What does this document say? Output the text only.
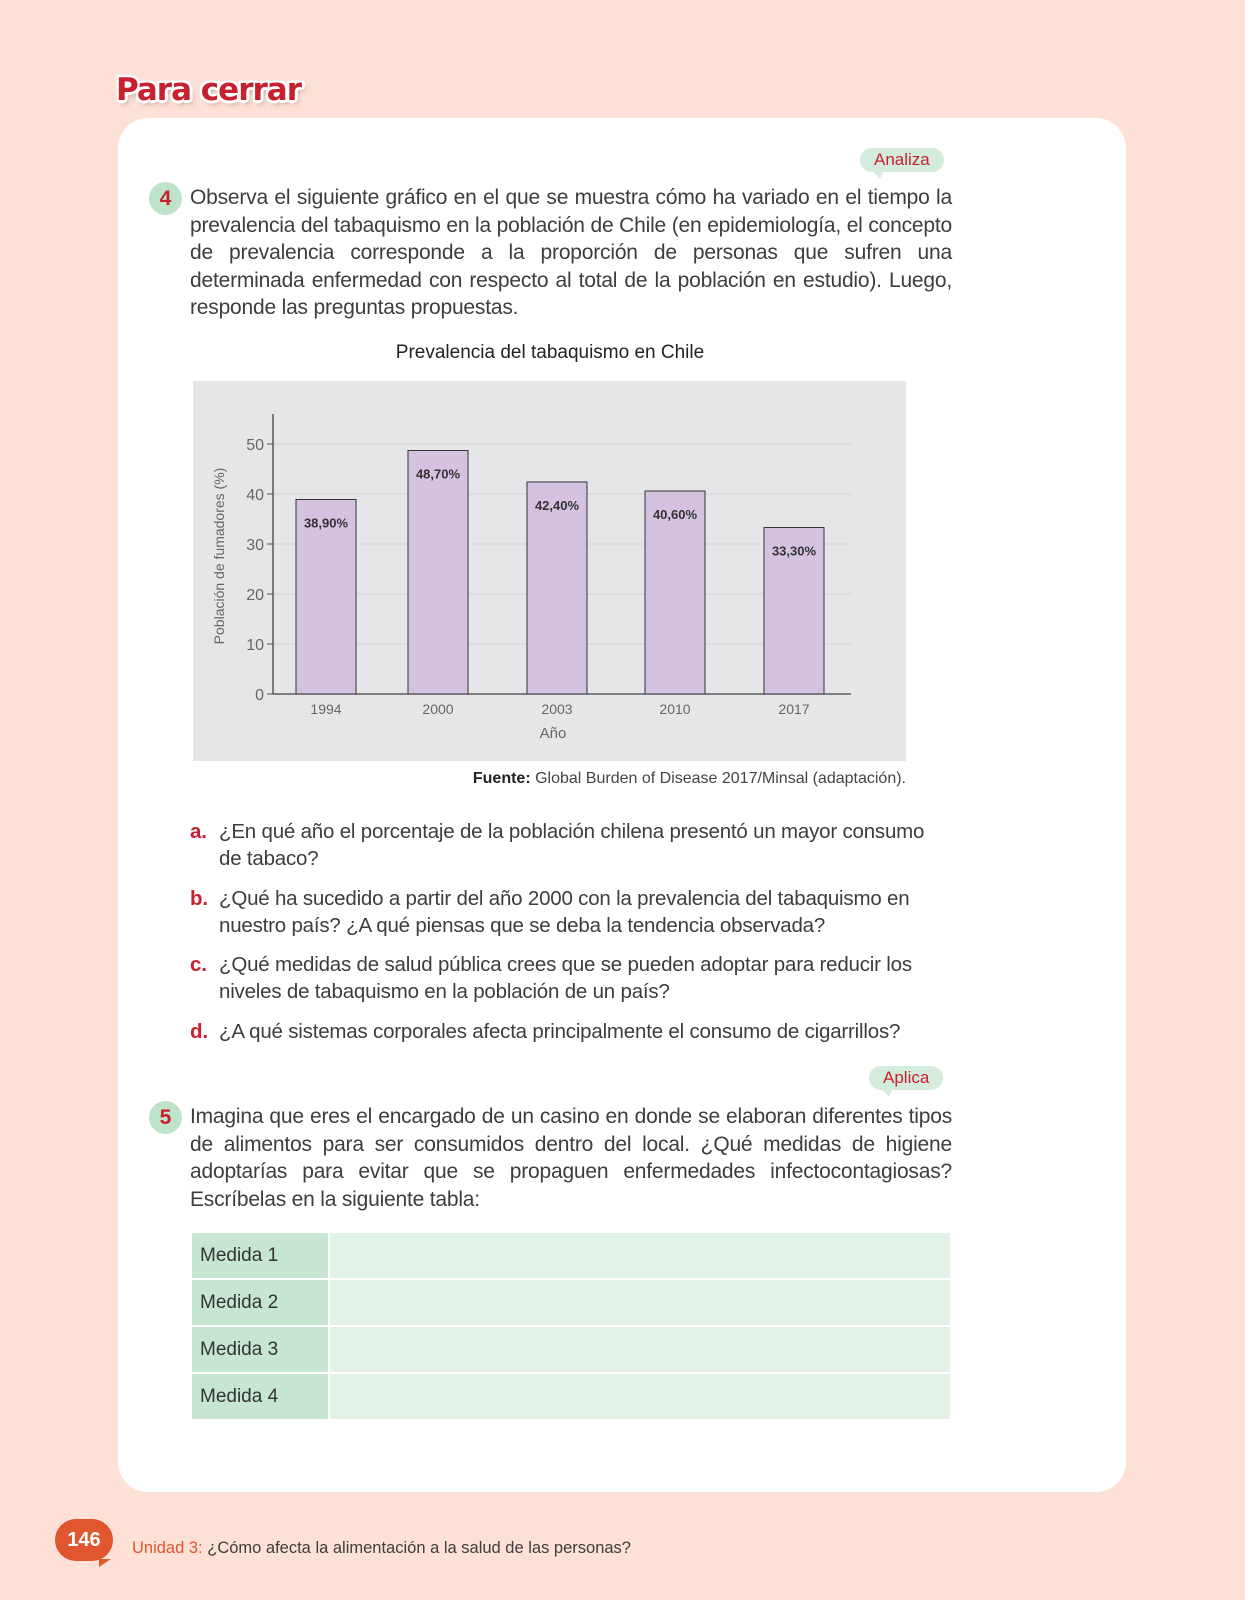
Para cerrar
Analiza
4 Observa el siguiente gráfico en el que se muestra cómo ha variado en el tiempo la prevalencia del tabaquismo en la población de Chile (en epidemiología, el concepto de prevalencia corresponde a la proporción de personas que sufren una determinada enfermedad con respecto al total de la población en estudio). Luego, responde las preguntas propuestas.
Prevalencia del tabaquismo en Chile
0
10
20
30
40
50
38,90%
1994
48,70%
2000
42,40%
2003
40,60%
2010
33,30%
2017
Año
Población de fumadores (%)
Fuente: Global Burden of Disease 2017/Minsal (adaptación).
a. ¿En qué año el porcentaje de la población chilena presentó un mayor consumo de tabaco?
b. ¿Qué ha sucedido a partir del año 2000 con la prevalencia del tabaquismo en nuestro país? ¿A qué piensas que se deba la tendencia observada?
c. ¿Qué medidas de salud pública crees que se pueden adoptar para reducir los niveles de tabaquismo en la población de un país?
d. ¿A qué sistemas corporales afecta principalmente el consumo de cigarrillos?
Aplica
5 Imagina que eres el encargado de un casino en donde se elaboran diferentes tipos de alimentos para ser consumidos dentro del local. ¿Qué medidas de higiene adoptarías para evitar que se propaguen enfermedades infectocontagiosas? Escríbelas en la siguiente tabla:
Medida 1	
Medida 2	
Medida 3	
Medida 4	
146	Unidad 3: ¿Cómo afecta la alimentación a la salud de las personas?
